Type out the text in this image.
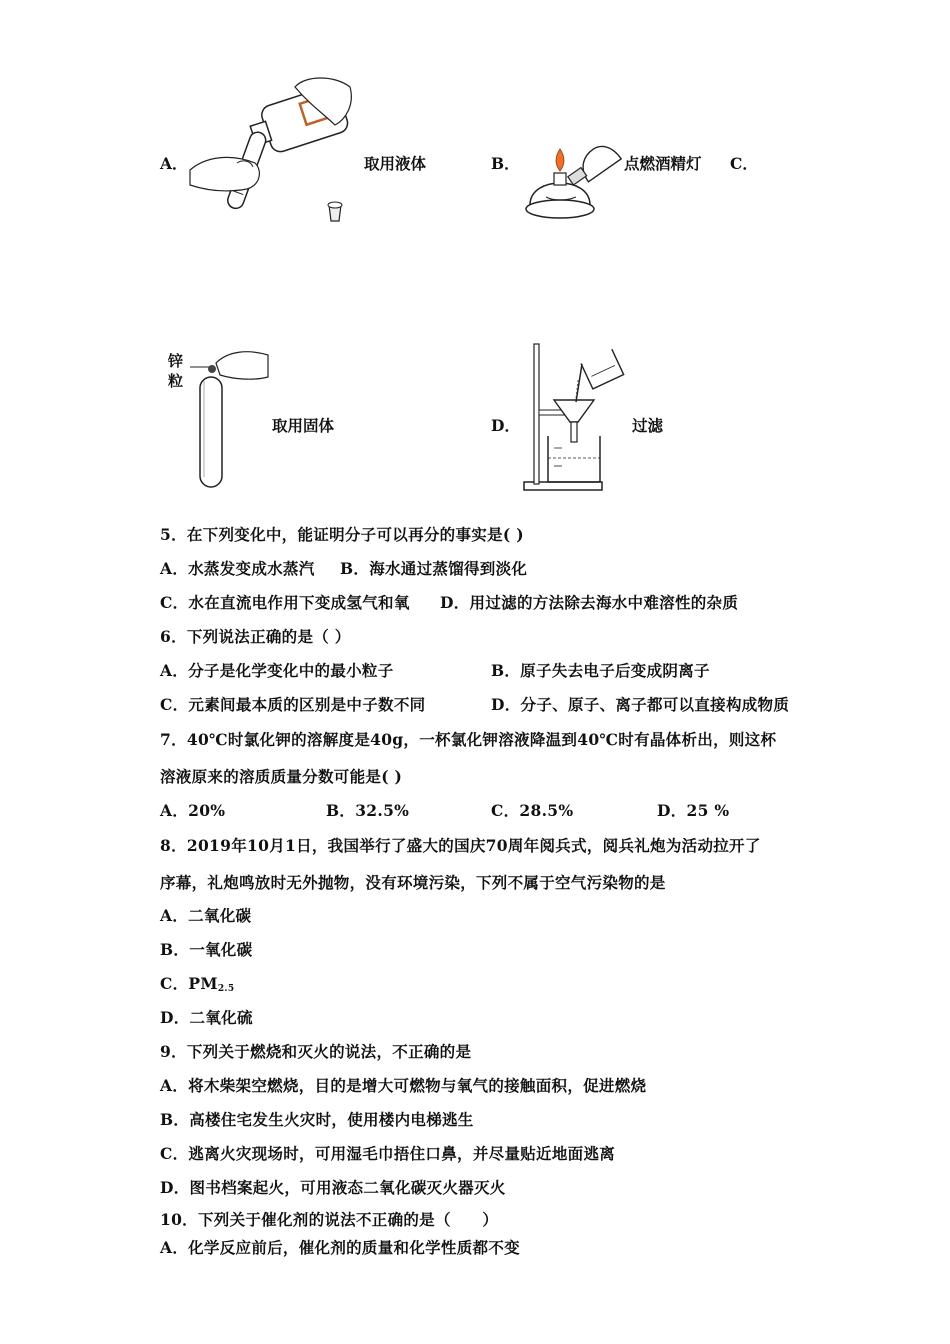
A．	取用液体	B．	点燃酒精灯 C．
锌
粒
取用固体	D．	过滤
5．在下列变化中，能证明分子可以再分的事实是( )
A．水蒸发变成水蒸汽 B．海水通过蒸馏得到淡化
C．水在直流电作用下变成氢气和氧 D．用过滤的方法除去海水中难溶性的杂质
6．下列说法正确的是（ ）
A．分子是化学变化中的最小粒子	B．原子失去电子后变成阴离子
C．元素间最本质的区别是中子数不同	D．分子、原子、离子都可以直接构成物质
7．40℃时氯化钾的溶解度是40g，一杯氯化钾溶液降温到40℃时有晶体析出，则这杯
溶液原来的溶质质量分数可能是( )
A．20%	B．32.5%	C．28.5%	D．25 %
8．2019年10月1日，我国举行了盛大的国庆70周年阅兵式，阅兵礼炮为活动拉开了
序幕，礼炮鸣放时无外抛物，没有环境污染，下列不属于空气污染物的是
A．二氧化碳
B．一氧化碳
C．$PM_{2.5}$
D．二氧化硫
9．下列关于燃烧和灭火的说法，不正确的是
A．将木柴架空燃烧，目的是增大可燃物与氧气的接触面积，促进燃烧
B．高楼住宅发生火灾时，使用楼内电梯逃生
C．逃离火灾现场时，可用湿毛巾捂住口鼻，并尽量贴近地面逃离
D．图书档案起火，可用液态二氧化碳灭火器灭火
10．下列关于催化剂的说法不正确的是（　　）
A．化学反应前后，催化剂的质量和化学性质都不变
